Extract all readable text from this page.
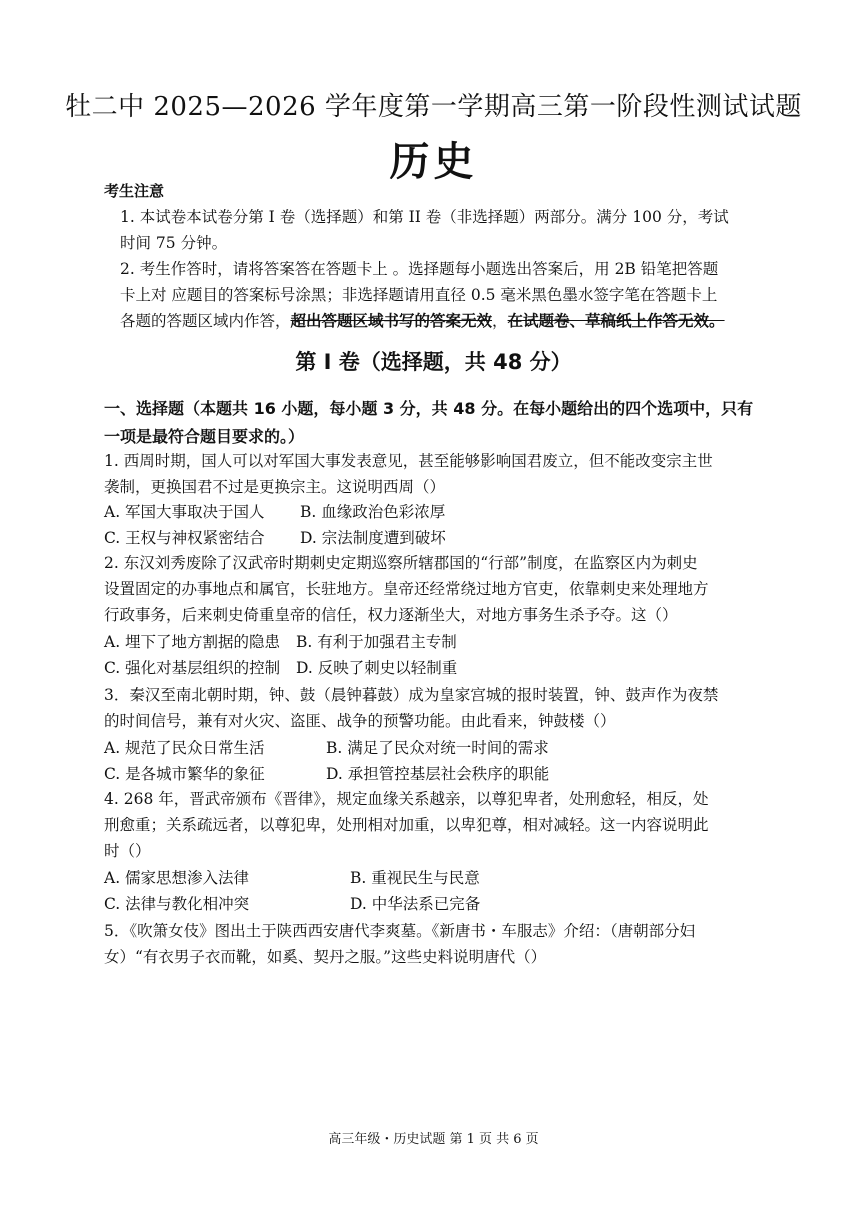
牡二中 2025—2026 学年度第一学期高三第一阶段性测试试题
历史
考生注意
1. 本试卷本试卷分第 I 卷（选择题）和第 II 卷（非选择题）两部分。满分 100 分，考试
时间 75 分钟。
2. 考生作答时，请将答案答在答题卡上 。选择题每小题选出答案后，用 2B 铅笔把答题
卡上对 应题目的答案标号涂黑；非选择题请用直径 0.5 毫米黑色墨水签字笔在答题卡上
各题的答题区域内作答，超出答题区域书写的答案无效，在试题卷、草稿纸上作答无效。
第 I 卷（选择题，共 48 分）
一、选择题（本题共 16 小题，每小题 3 分，共 48 分。在每小题给出的四个选项中，只有
一项是最符合题目要求的。）
1. 西周时期，国人可以对军国大事发表意见，甚至能够影响国君废立，但不能改变宗主世
袭制，更换国君不过是更换宗主。这说明西周（）
A. 军国大事取决于国人 B. 血缘政治色彩浓厚
C. 王权与神权紧密结合 D. 宗法制度遭到破坏
2. 东汉刘秀废除了汉武帝时期刺史定期巡察所辖郡国的“行部”制度，在监察区内为刺史
设置固定的办事地点和属官，长驻地方。皇帝还经常绕过地方官吏，依靠刺史来处理地方
行政事务，后来刺史倚重皇帝的信任，权力逐渐坐大，对地方事务生杀予夺。这（）
A. 埋下了地方割据的隐患 B. 有利于加强君主专制
C. 强化对基层组织的控制 D. 反映了刺史以轻制重
3．秦汉至南北朝时期，钟、鼓（晨钟暮鼓）成为皇家宫城的报时装置，钟、鼓声作为夜禁
的时间信号，兼有对火灾、盗匪、战争的预警功能。由此看来，钟鼓楼（）
A. 规范了民众日常生活	B. 满足了民众对统一时间的需求
C. 是各城市繁华的象征	D. 承担管控基层社会秩序的职能
4. 268 年，晋武帝颁布《晋律》，规定血缘关系越亲，以尊犯卑者，处刑愈轻，相反，处
刑愈重；关系疏远者，以尊犯卑，处刑相对加重，以卑犯尊，相对减轻。这一内容说明此
时（）
A. 儒家思想渗入法律	B. 重视民生与民意
C. 法律与教化相冲突	D. 中华法系已完备
5．《吹箫女伎》图出土于陕西西安唐代李爽墓。《新唐书・车服志》介绍：（唐朝部分妇
女）“有衣男子衣而靴，如奚、契丹之服。”这些史料说明唐代（）
高三年级・历史试题 第 1 页 共 6 页
